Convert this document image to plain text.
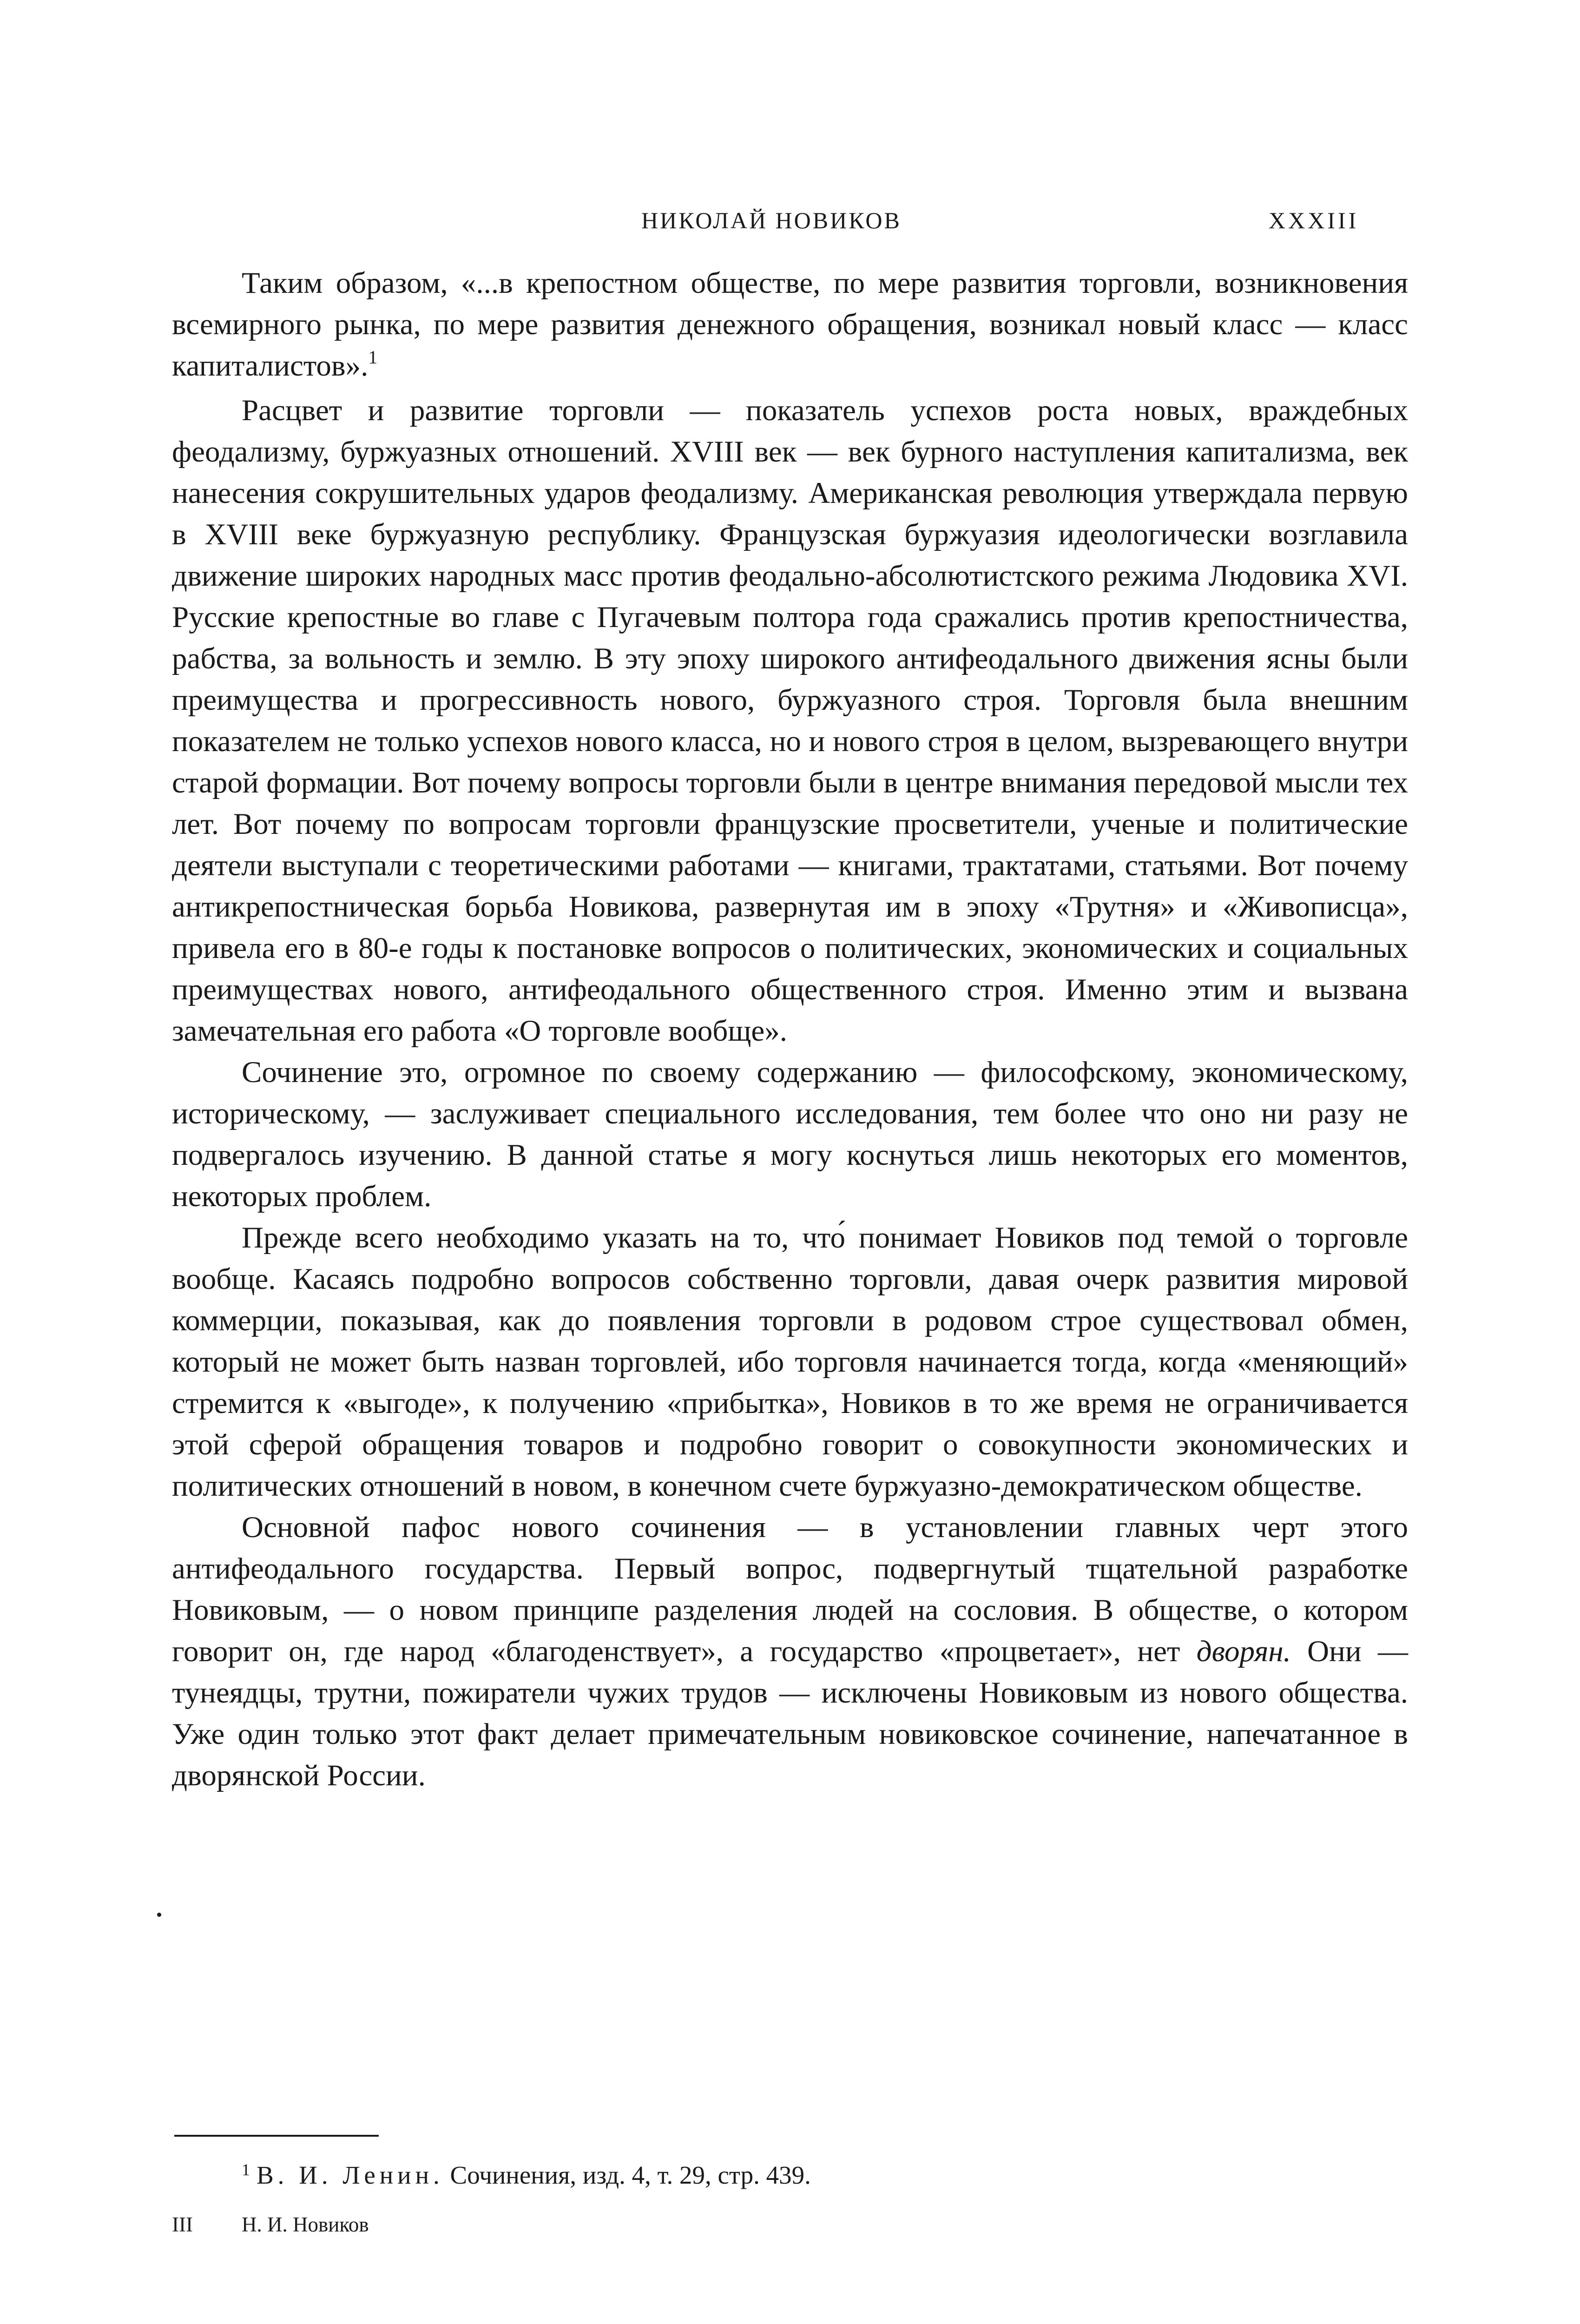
НИКОЛАЙ НОВИКОВ	XXXIII

Таким образом, «...в крепостном обществе, по мере развития торговли, возникновения всемирного рынка, по мере развития денежного обращения, возникал новый класс — класс капиталистов».$^1$

Расцвет и развитие торговли — показатель успехов роста новых, враждебных феодализму, буржуазных отношений. XVIII век — век бурного наступления капитализма, век нанесения сокрушительных ударов феодализму. Американская революция утверждала первую в XVIII веке буржуазную республику. Французская буржуазия идеологически возглавила движение широких народных масс против феодально-абсолютистского режима Людовика XVI. Русские крепостные во главе с Пугачевым полтора года сражались против крепостничества, рабства, за вольность и землю. В эту эпоху широкого антифеодального движения ясны были преимущества и прогрессивность нового, буржуазного строя. Торговля была внешним показателем не только успехов нового класса, но и нового строя в целом, вызревающего внутри старой формации. Вот почему вопросы торговли были в центре внимания передовой мысли тех лет. Вот почему по вопросам торговли французские просветители, ученые и политические деятели выступали с теоретическими работами — книгами, трактатами, статьями. Вот почему антикрепостническая борьба Новикова, развернутая им в эпоху «Трутня» и «Живописца», привела его в 80-е годы к постановке вопросов о политических, экономических и социальных преимуществах нового, антифеодального общественного строя. Именно этим и вызвана замечательная его работа «О торговле вообще».

Сочинение это, огромное по своему содержанию — философскому, экономическому, историческому, — заслуживает специального исследования, тем более что оно ни разу не подвергалось изучению. В данной статье я могу коснуться лишь некоторых его моментов, некоторых проблем.

Прежде всего необходимо указать на то, что́ понимает Новиков под темой о торговле вообще. Касаясь подробно вопросов собственно торговли, давая очерк развития мировой коммерции, показывая, как до появления торговли в родовом строе существовал обмен, который не может быть назван торговлей, ибо торговля начинается тогда, когда «меняющий» стремится к «выгоде», к получению «прибытка», Новиков в то же время не ограничивается этой сферой обращения товаров и подробно говорит о совокупности экономических и политических отношений в новом, в конечном счете буржуазно-демократическом обществе.

Основной пафос нового сочинения — в установлении главных черт этого антифеодального государства. Первый вопрос, подвергнутый тщательной разработке Новиковым, — о новом принципе разделения людей на сословия. В обществе, о котором говорит он, где народ «благоденствует», а государство «процветает», нет дворян. Они — тунеядцы, трутни, пожиратели чужих трудов — исключены Новиковым из нового общества. Уже один только этот факт делает примечательным новиковское сочинение, напечатанное в дворянской России.

$^1$ В. И. Ленин. Сочинения, изд. 4, т. 29, стр. 439.
III Н. И. Новиков
